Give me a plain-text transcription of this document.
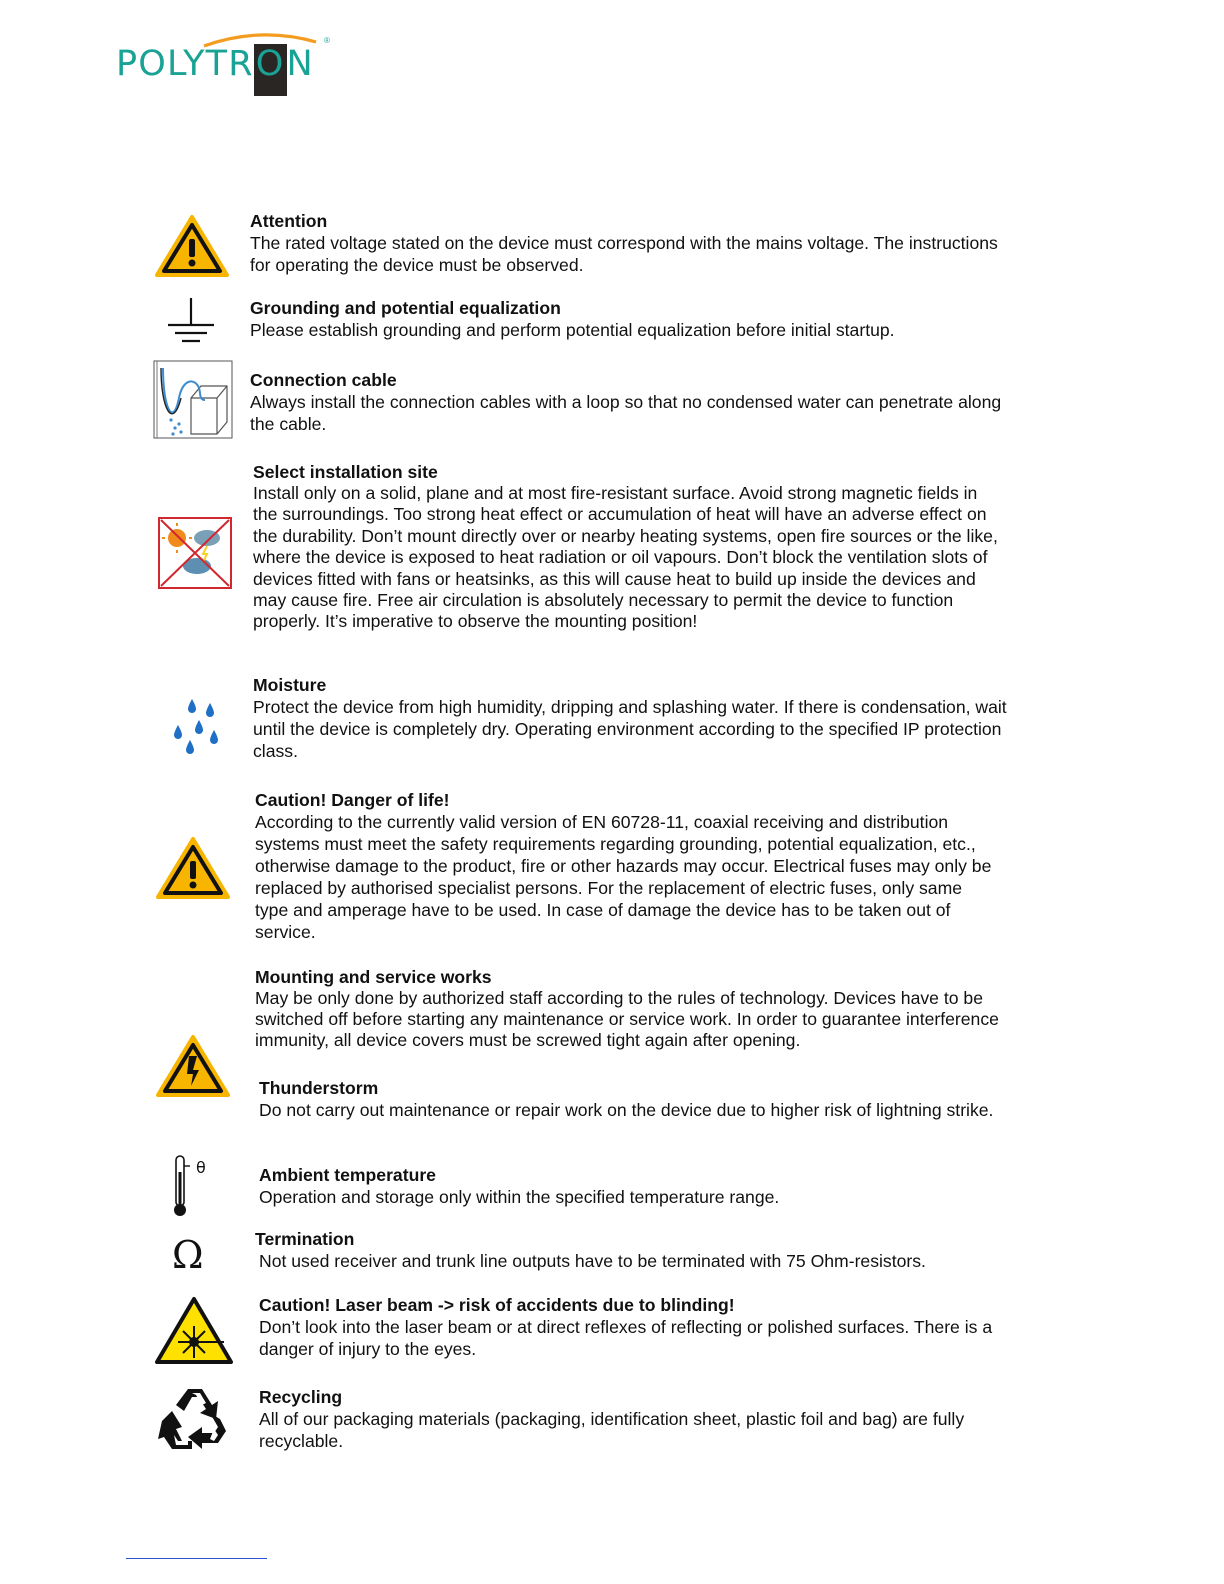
POLYTRON
®
θ
Ω
Attention

The rated voltage stated on the device must correspond with the mains voltage. The instructions for operating the device must be observed.

Grounding and potential equalization

Please establish grounding and perform potential equalization before initial startup.

Connection cable

Always install the connection cables with a loop so that no condensed water can penetrate along the cable.

Select installation site

Install only on a solid, plane and at most fire-resistant surface. Avoid strong magnetic fields in the surroundings. Too strong heat effect or accumulation of heat will have an adverse effect on the durability. Don’t mount directly over or nearby heating systems, open fire sources or the like, where the device is exposed to heat radiation or oil vapours. Don’t block the ventilation slots of devices fitted with fans or heatsinks, as this will cause heat to build up inside the devices and may cause fire. Free air circulation is absolutely necessary to permit the device to function properly. It’s imperative to observe the mounting position!

Moisture

Protect the device from high humidity, dripping and splashing water. If there is condensation, wait until the device is completely dry. Operating environment according to the specified IP protection class.

Caution! Danger of life!

According to the currently valid version of EN 60728-11, coaxial receiving and distribution systems must meet the safety requirements regarding grounding, potential equalization, etc., otherwise damage to the product, fire or other hazards may occur. Electrical fuses may only be replaced by authorised specialist persons. For the replacement of electric fuses, only same type and amperage have to be used. In case of damage the device has to be taken out of service.

Mounting and service works

May be only done by authorized staff according to the rules of technology. Devices have to be switched off before starting any maintenance or service work. In order to guarantee interference immunity, all device covers must be screwed tight again after opening.

Thunderstorm

Do not carry out maintenance or repair work on the device due to higher risk of lightning strike.

Ambient temperature

Operation and storage only within the specified temperature range.

Termination

Not used receiver and trunk line outputs have to be terminated with 75 Ohm-resistors.

Caution! Laser beam -> risk of accidents due to blinding!

Don’t look into the laser beam or at direct reflexes of reflecting or polished surfaces. There is a danger of injury to the eyes.

Recycling

All of our packaging materials (packaging, identification sheet, plastic foil and bag) are fully recyclable.
